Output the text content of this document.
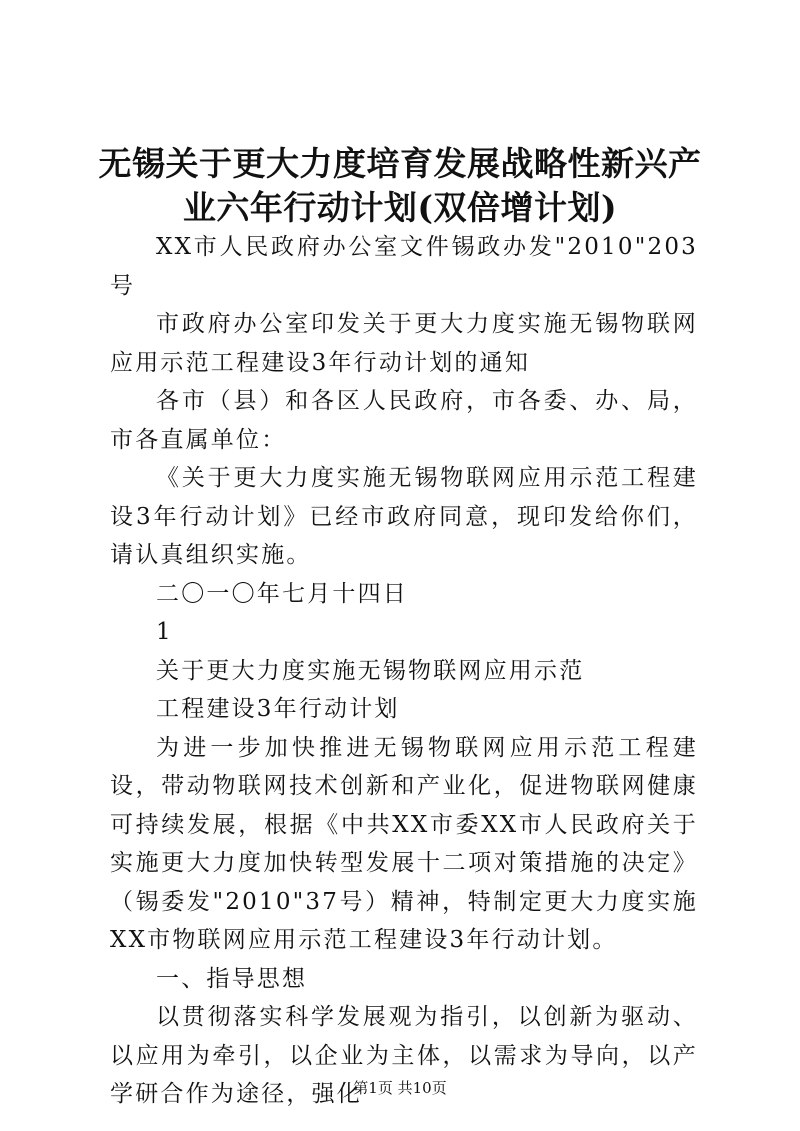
无锡关于更大力度培育发展战略性新兴产业六年行动计划(双倍增计划)

XX市人民政府办公室文件锡政办发"2010"203号

市政府办公室印发关于更大力度实施无锡物联网应用示范工程建设3年行动计划的通知

各市（县）和各区人民政府，市各委、办、局，市各直属单位：

《关于更大力度实施无锡物联网应用示范工程建设3年行动计划》已经市政府同意，现印发给你们，请认真组织实施。

二〇一〇年七月十四日

1

关于更大力度实施无锡物联网应用示范

工程建设3年行动计划

为进一步加快推进无锡物联网应用示范工程建设，带动物联网技术创新和产业化，促进物联网健康可持续发展，根据《中共XX市委XX市人民政府关于实施更大力度加快转型发展十二项对策措施的决定》（锡委发"2010"37号）精神，特制定更大力度实施XX市物联网应用示范工程建设3年行动计划。

一、指导思想

以贯彻落实科学发展观为指引，以创新为驱动、以应用为牵引，以企业为主体，以需求为导向，以产学研合作为途径，强化

第1页 共10页
